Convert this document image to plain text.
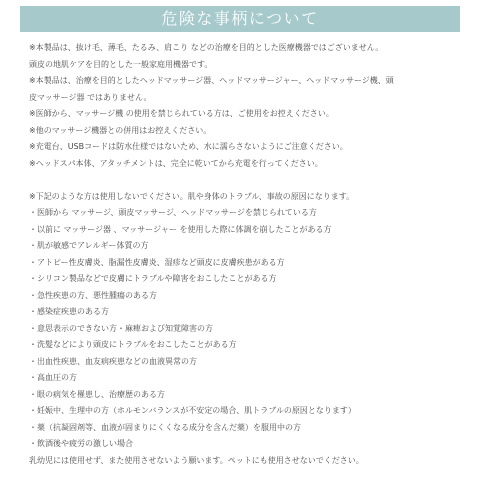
危険な事柄について
※本製品は、抜け毛、薄毛、たるみ、肩こり などの治療を目的とした医療機器ではございません。
頭皮の地肌ケアを目的とした一般家庭用機器です。
※本製品は、治療を目的としたヘッドマッサージ器、ヘッドマッサージャー、ヘッドマッサージ機、頭
皮マッサージ器 ではありません。
※医師から、マッサージ機 の使用を禁じられている方は、ご使用をお控えください。
※他のマッサージ機器との併用はお控えください。
※充電台、USBコードは防水仕様ではないため、水に濡らさないようにご注意ください。
※ヘッドスパ本体、アタッチメントは、完全に乾いてから充電を行ってください。
※下記のような方は使用しないでください。肌や身体のトラブル、事故の原因になります。
・医師から マッサージ、頭皮マッサージ、ヘッドマッサージを禁じられている方
・以前に マッサージ器 、マッサージャー を使用した際に体調を崩したことがある方
・肌が敏感でアレルギー体質の方
・アトピー性皮膚炎、脂漏性皮膚炎、湿疹など頭皮に皮膚疾患がある方
・シリコン製品などで皮膚にトラブルや障害をおこしたことがある方
・急性疾患の方、悪性腫瘍のある方
・感染症疾患のある方
・意思表示のできない方・麻痺および知覚障害の方
・洗髪などにより頭皮にトラブルをおこしたことがある方
・出血性疾患、血友病疾患などの血液異常の方
・高血圧の方
・眼の病気を罹患し、治療歴のある方
・妊娠中、生理中の方（ホルモンバランスが不安定の場合、肌トラブルの原因となります）
・薬（抗凝固剤等、血液が固まりにくくなる成分を含んだ薬）を服用中の方
・飲酒後や疲労の激しい場合
乳幼児には使用せず、また使用させないよう願います。ペットにも使用させないでください。
